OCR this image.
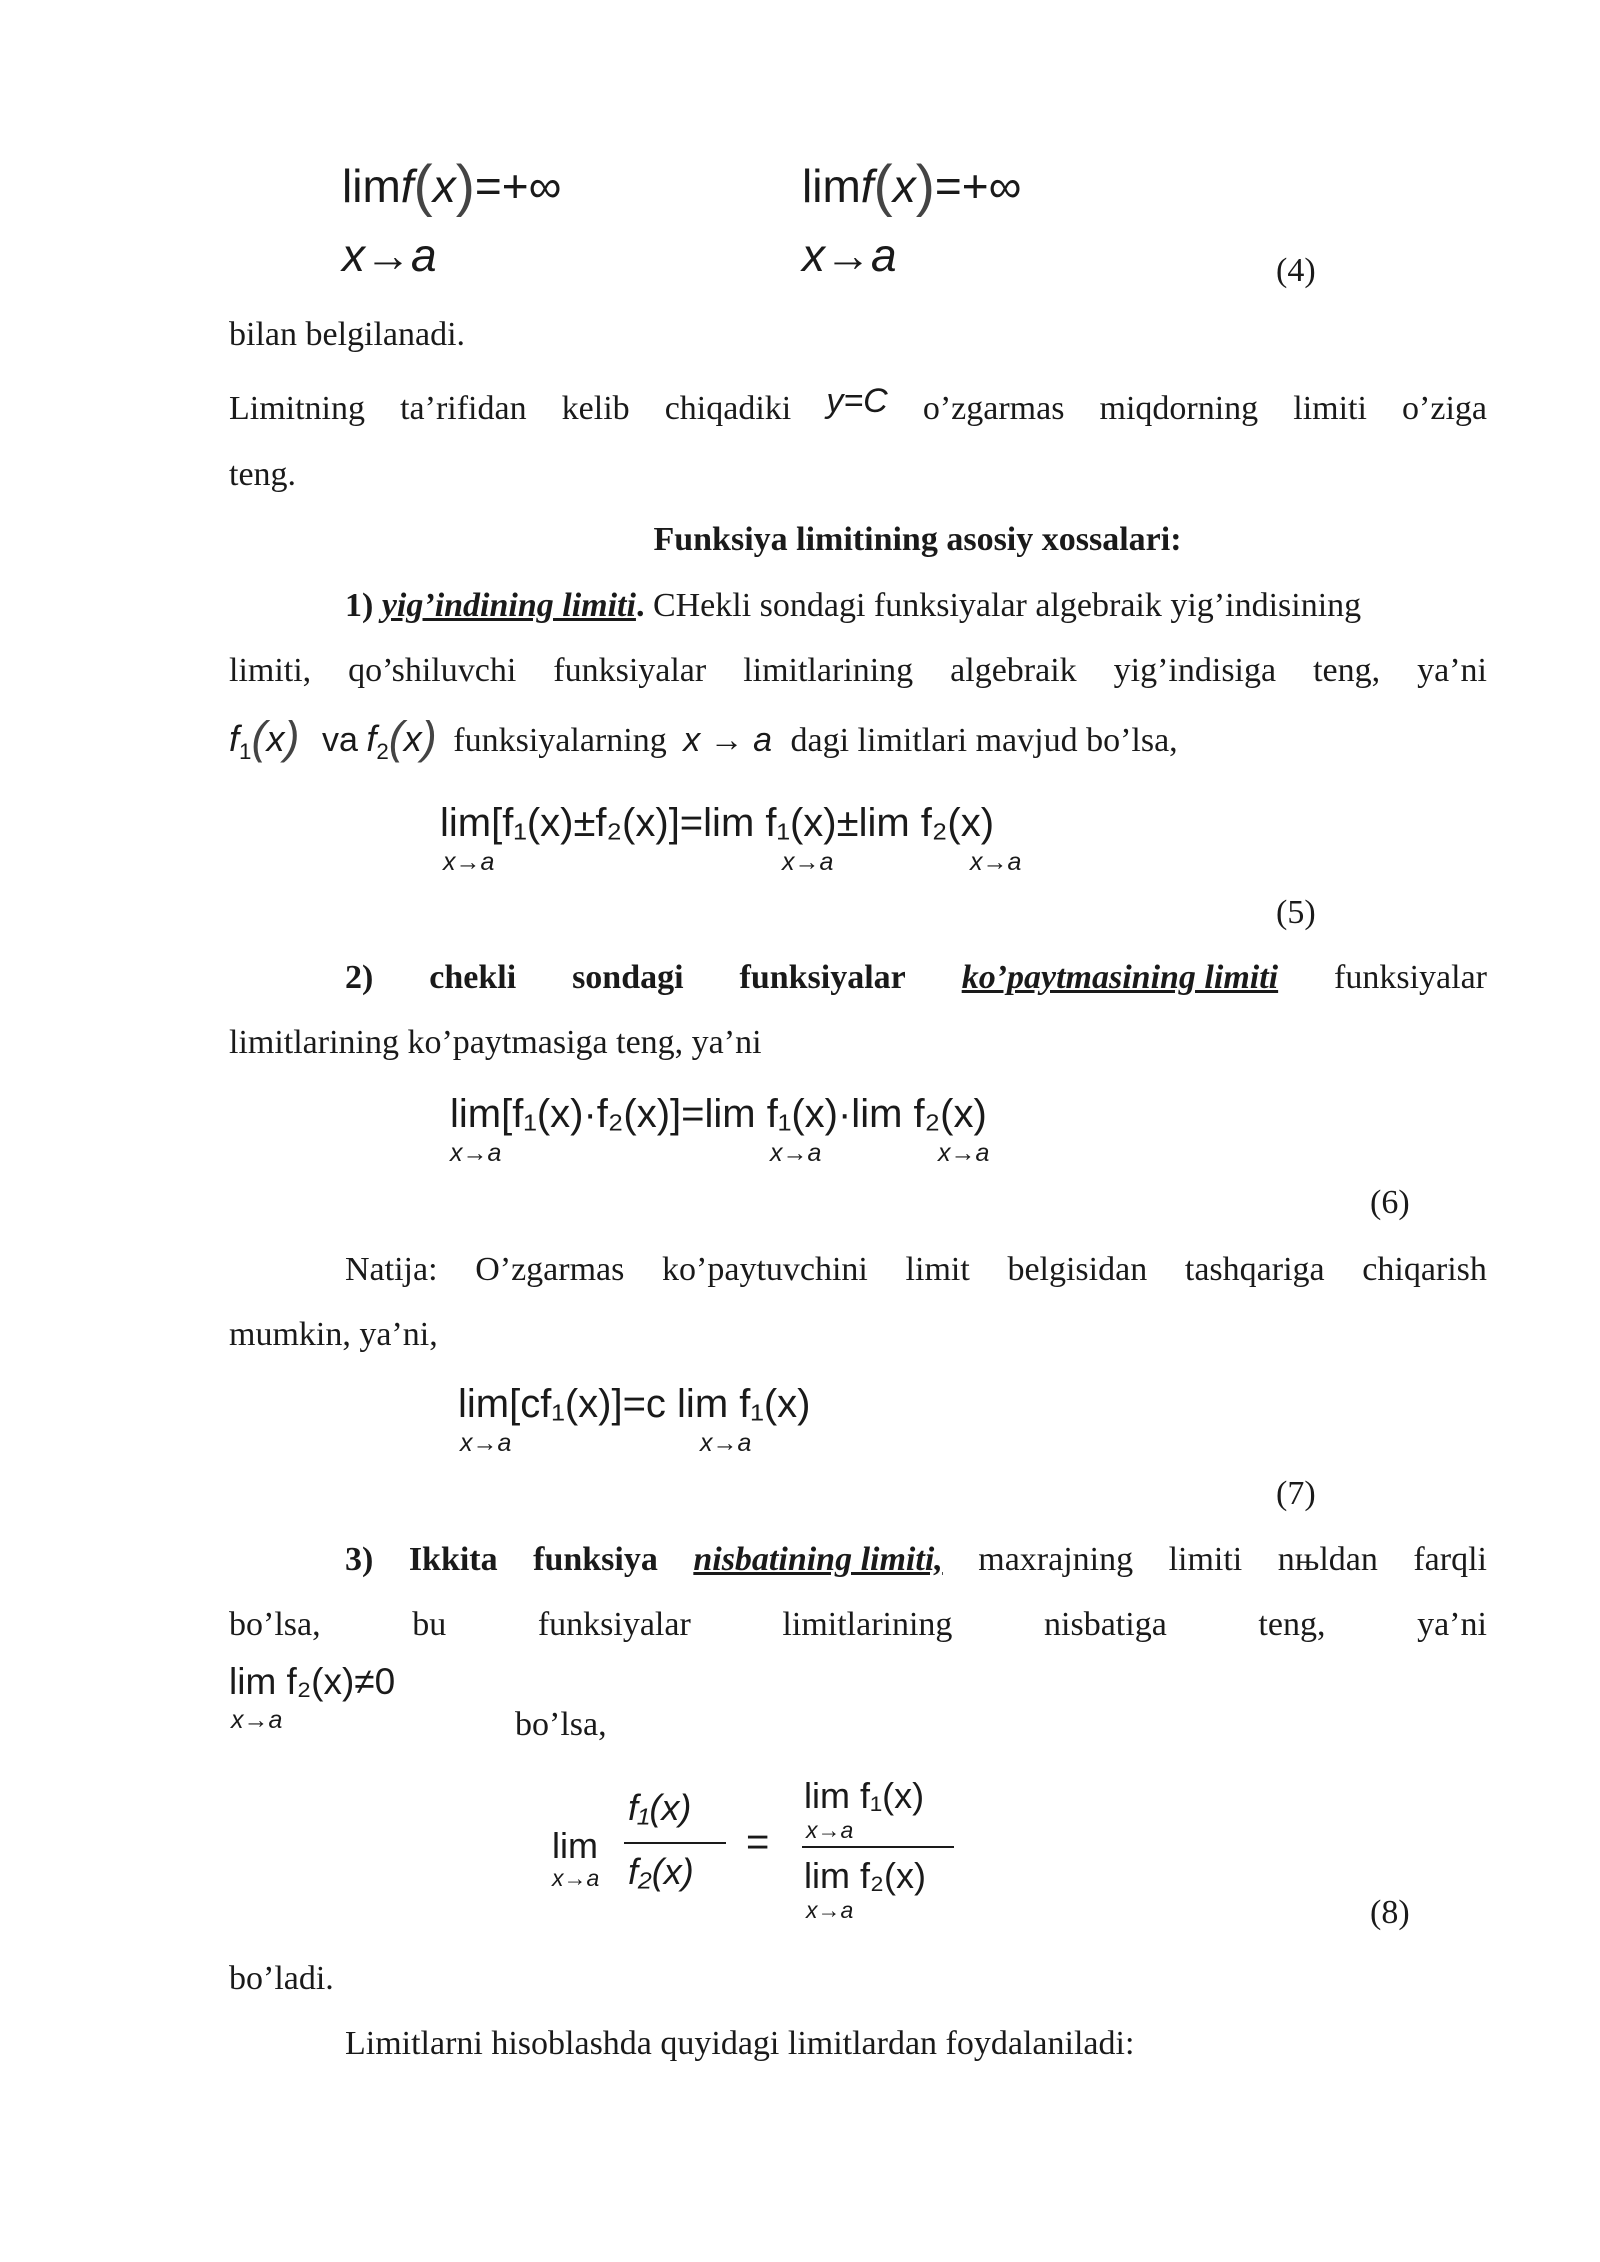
limf(x)=+∞
x→a
limf(x)=+∞
x→a	(4)
bilan belgilanadi.
Limitning ta’rifidan kelib chiqadiki y=C o’zgarmas miqdorning limiti o’ziga
teng.
Funksiya limitining asosiy xossalari:
1) yig’indining limiti. CHekli sondagi funksiyalar algebraik yig’indisining
limiti, qo’shiluvchi funksiyalar limitlarining algebraik yig’indisiga teng, ya’ni
$f_1(x)$ va $f_2(x)$ funksiyalarning x → a dagi limitlari mavjud bo’lsa,
lim[f₁(x)±f₂(x)]=lim f₁(x)±lim f₂(x)
x→a	x→a	x→a
(5)
2) chekli sondagi funksiyalar ko’paytmasining limiti funksiyalar
limitlarining ko’paytmasiga teng, ya’ni
lim[f₁(x)·f₂(x)]=lim f₁(x)·lim f₂(x)
x→a	x→a	x→a
(6)
Natija: O’zgarmas ko’paytuvchini limit belgisidan tashqariga chiqarish
mumkin, ya’ni,
lim[cf₁(x)]=c lim f₁(x)
x→a	x→a
(7)
3) Ikkita funksiya nisbatining limiti, maxrajning limiti nњldan farqli
bo’lsa,	bu	funksiyalar	limitlarining	nisbatiga	teng,	ya’ni
lim f₂(x)≠0
x→a	bo’lsa,
lim
x→a
f₁(x)
f₂(x)
=
lim f₁(x)
x→a
lim f₂(x)
x→a	(8)
bo’ladi.
Limitlarni hisoblashda quyidagi limitlardan foydalaniladi:
